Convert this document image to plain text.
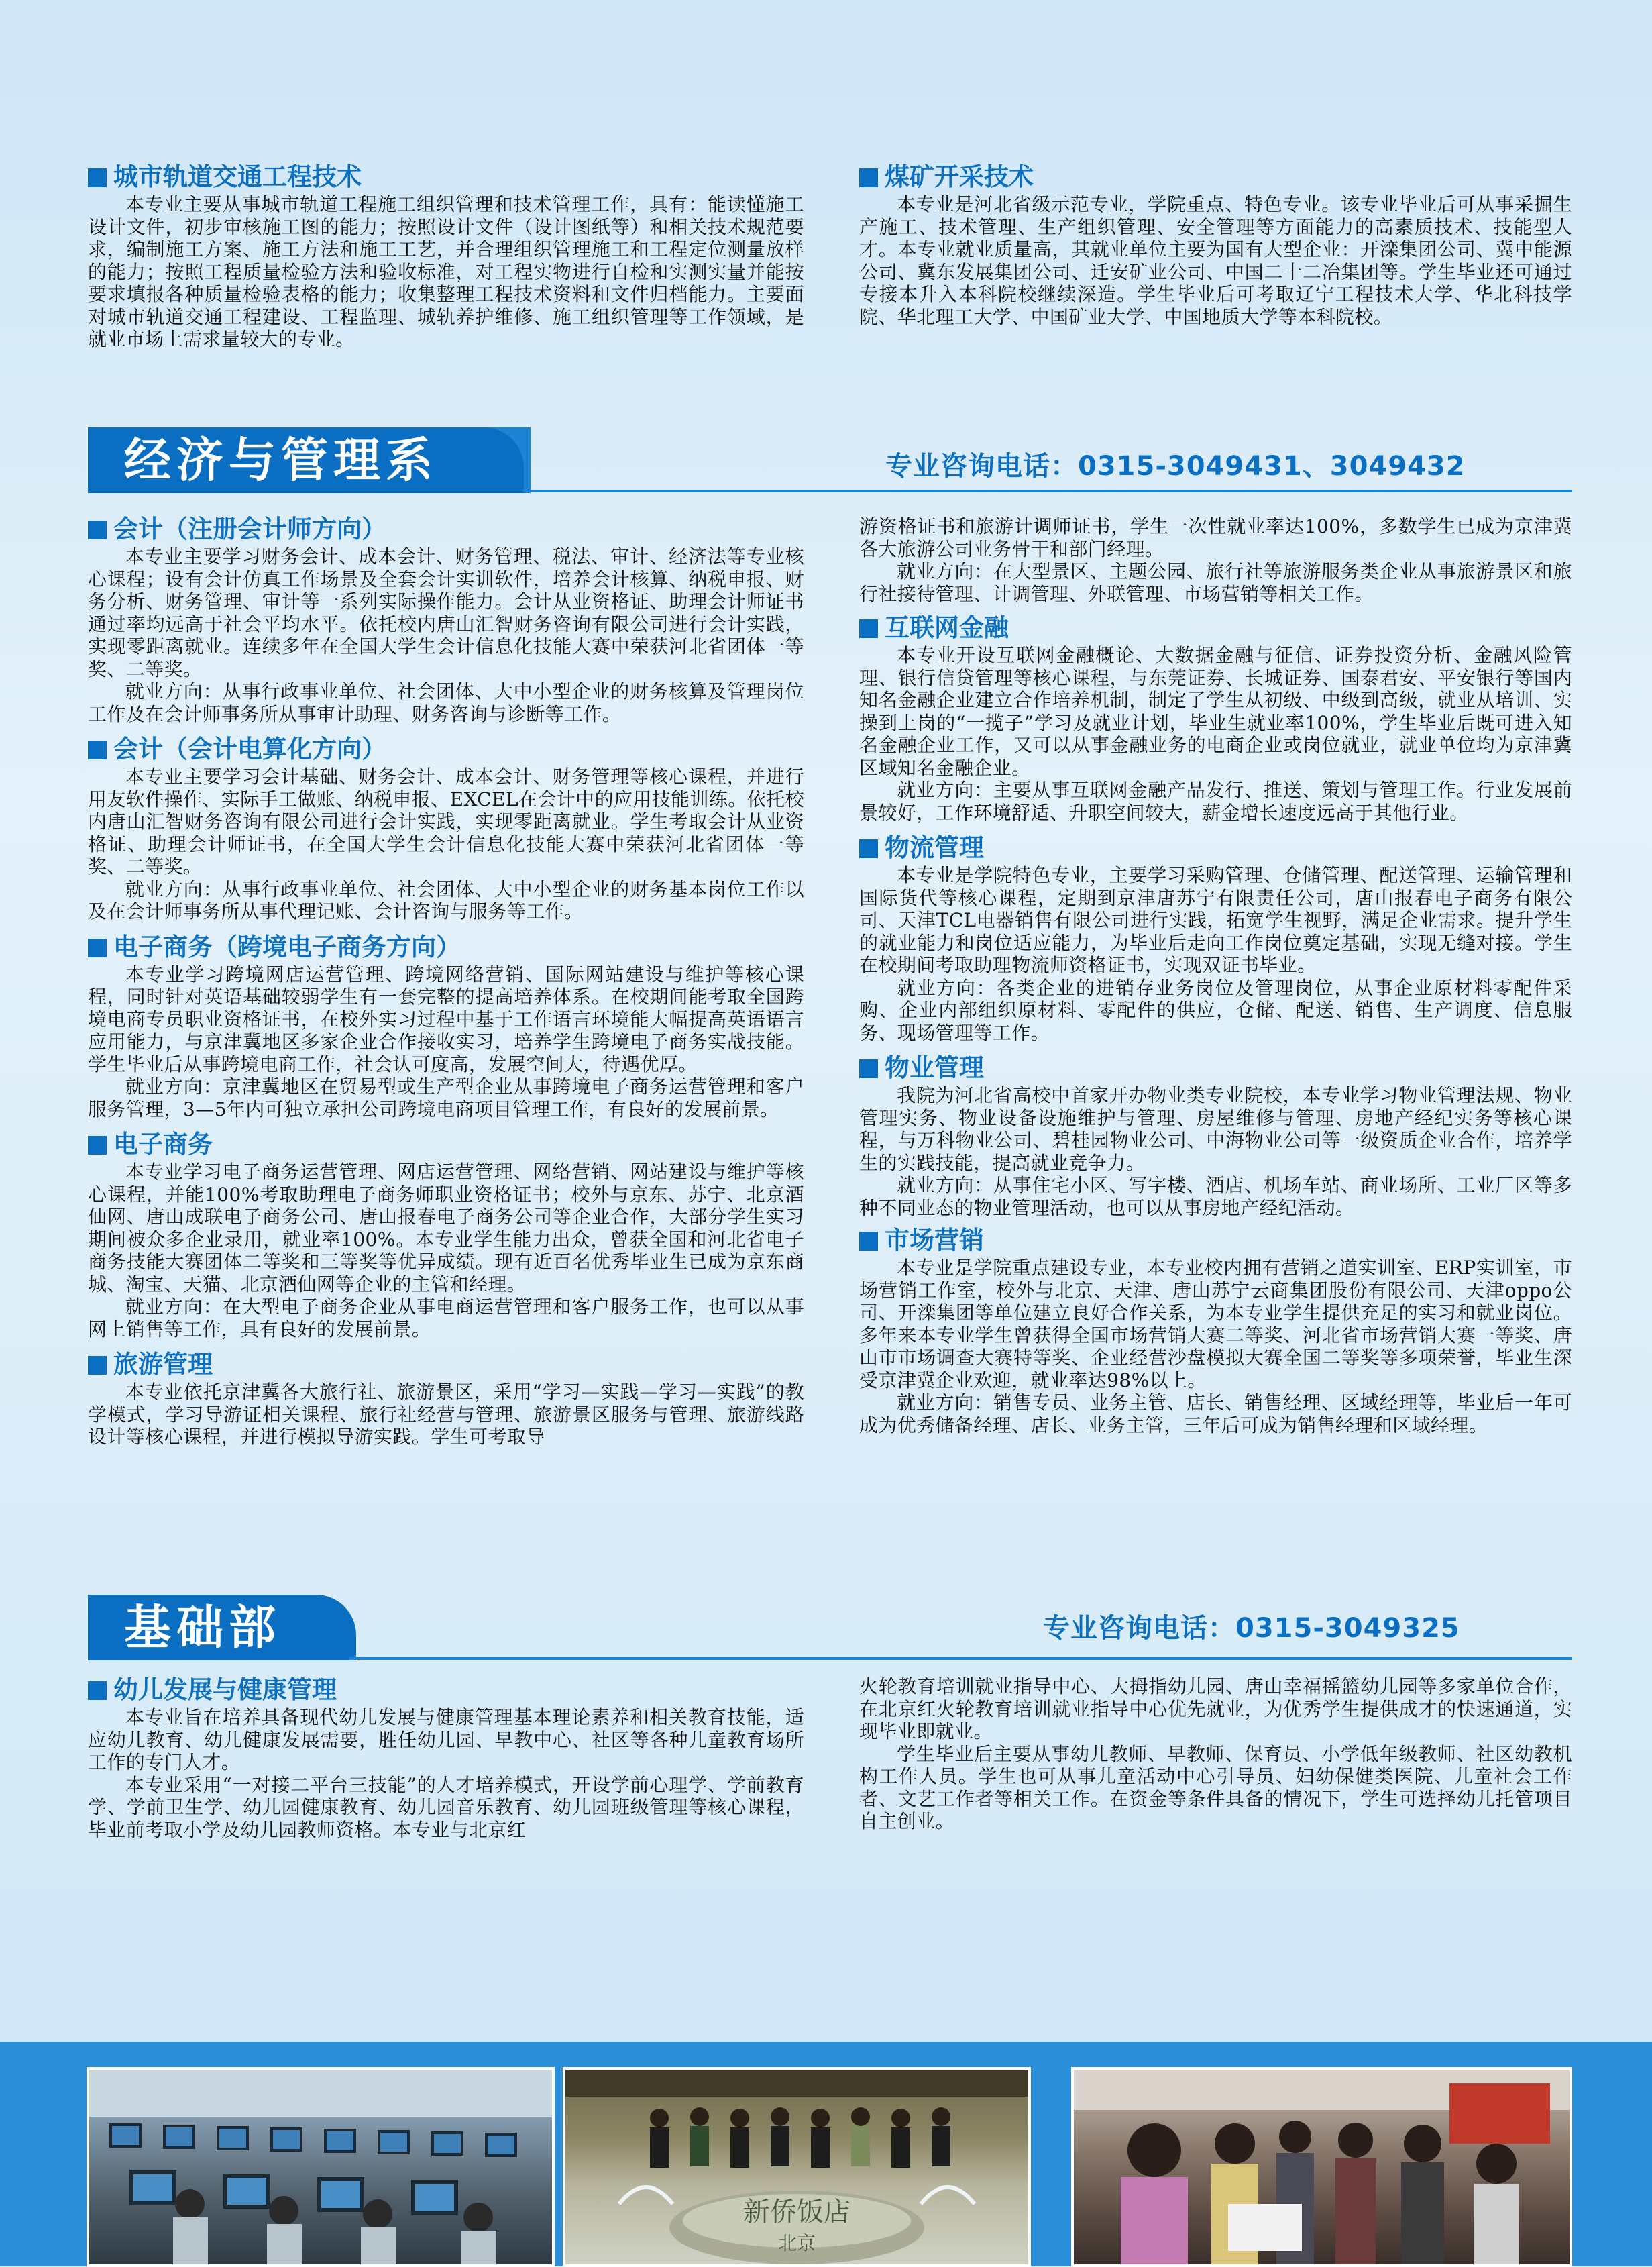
城市轨道交通工程技术

本专业主要从事城市轨道工程施工组织管理和技术管理工作，具有：能读懂施工设计文件，初步审核施工图的能力；按照设计文件（设计图纸等）和相关技术规范要求，编制施工方案、施工方法和施工工艺，并合理组织管理施工和工程定位测量放样的能力；按照工程质量检验方法和验收标准，对工程实物进行自检和实测实量并能按要求填报各种质量检验表格的能力；收集整理工程技术资料和文件归档能力。主要面对城市轨道交通工程建设、工程监理、城轨养护维修、施工组织管理等工作领域，是就业市场上需求量较大的专业。

煤矿开采技术

本专业是河北省级示范专业，学院重点、特色专业。该专业毕业后可从事采掘生产施工、技术管理、生产组织管理、安全管理等方面能力的高素质技术、技能型人才。本专业就业质量高，其就业单位主要为国有大型企业：开滦集团公司、冀中能源公司、冀东发展集团公司、迁安矿业公司、中国二十二冶集团等。学生毕业还可通过专接本升入本科院校继续深造。学生毕业后可考取辽宁工程技术大学、华北科技学院、华北理工大学、中国矿业大学、中国地质大学等本科院校。

经济与管理系	专业咨询电话：0315-3049431、3049432
会计（注册会计师方向）

本专业主要学习财务会计、成本会计、财务管理、税法、审计、经济法等专业核心课程；设有会计仿真工作场景及全套会计实训软件，培养会计核算、纳税申报、财务分析、财务管理、审计等一系列实际操作能力。会计从业资格证、助理会计师证书通过率均远高于社会平均水平。依托校内唐山汇智财务咨询有限公司进行会计实践，实现零距离就业。连续多年在全国大学生会计信息化技能大赛中荣获河北省团体一等奖、二等奖。

就业方向：从事行政事业单位、社会团体、大中小型企业的财务核算及管理岗位工作及在会计师事务所从事审计助理、财务咨询与诊断等工作。

会计（会计电算化方向）

本专业主要学习会计基础、财务会计、成本会计、财务管理等核心课程，并进行用友软件操作、实际手工做账、纳税申报、EXCEL在会计中的应用技能训练。依托校内唐山汇智财务咨询有限公司进行会计实践，实现零距离就业。学生考取会计从业资格证、助理会计师证书，在全国大学生会计信息化技能大赛中荣获河北省团体一等奖、二等奖。

就业方向：从事行政事业单位、社会团体、大中小型企业的财务基本岗位工作以及在会计师事务所从事代理记账、会计咨询与服务等工作。

电子商务（跨境电子商务方向）

本专业学习跨境网店运营管理、跨境网络营销、国际网站建设与维护等核心课程，同时针对英语基础较弱学生有一套完整的提高培养体系。在校期间能考取全国跨境电商专员职业资格证书，在校外实习过程中基于工作语言环境能大幅提高英语语言应用能力，与京津冀地区多家企业合作接收实习，培养学生跨境电子商务实战技能。学生毕业后从事跨境电商工作，社会认可度高，发展空间大，待遇优厚。

就业方向：京津冀地区在贸易型或生产型企业从事跨境电子商务运营管理和客户服务管理，3—5年内可独立承担公司跨境电商项目管理工作，有良好的发展前景。

电子商务

本专业学习电子商务运营管理、网店运营管理、网络营销、网站建设与维护等核心课程，并能100%考取助理电子商务师职业资格证书；校外与京东、苏宁、北京酒仙网、唐山成联电子商务公司、唐山报春电子商务公司等企业合作，大部分学生实习期间被众多企业录用，就业率100%。本专业学生能力出众，曾获全国和河北省电子商务技能大赛团体二等奖和三等奖等优异成绩。现有近百名优秀毕业生已成为京东商城、淘宝、天猫、北京酒仙网等企业的主管和经理。

就业方向：在大型电子商务企业从事电商运营管理和客户服务工作，也可以从事网上销售等工作，具有良好的发展前景。

旅游管理

本专业依托京津冀各大旅行社、旅游景区，采用“学习—实践—学习—实践”的教学模式，学习导游证相关课程、旅行社经营与管理、旅游景区服务与管理、旅游线路设计等核心课程，并进行模拟导游实践。学生可考取导

游资格证书和旅游计调师证书，学生一次性就业率达100%，多数学生已成为京津冀各大旅游公司业务骨干和部门经理。

就业方向：在大型景区、主题公园、旅行社等旅游服务类企业从事旅游景区和旅行社接待管理、计调管理、外联管理、市场营销等相关工作。

互联网金融

本专业开设互联网金融概论、大数据金融与征信、证券投资分析、金融风险管理、银行信贷管理等核心课程，与东莞证券、长城证券、国泰君安、平安银行等国内知名金融企业建立合作培养机制，制定了学生从初级、中级到高级，就业从培训、实操到上岗的“一揽子”学习及就业计划，毕业生就业率100%，学生毕业后既可进入知名金融企业工作，又可以从事金融业务的电商企业或岗位就业，就业单位均为京津冀区域知名金融企业。

就业方向：主要从事互联网金融产品发行、推送、策划与管理工作。行业发展前景较好，工作环境舒适、升职空间较大，薪金增长速度远高于其他行业。

物流管理

本专业是学院特色专业，主要学习采购管理、仓储管理、配送管理、运输管理和国际货代等核心课程，定期到京津唐苏宁有限责任公司，唐山报春电子商务有限公司、天津TCL电器销售有限公司进行实践，拓宽学生视野，满足企业需求。提升学生的就业能力和岗位适应能力，为毕业后走向工作岗位奠定基础，实现无缝对接。学生在校期间考取助理物流师资格证书，实现双证书毕业。

就业方向：各类企业的进销存业务岗位及管理岗位，从事企业原材料零配件采购、企业内部组织原材料、零配件的供应，仓储、配送、销售、生产调度、信息服务、现场管理等工作。

物业管理

我院为河北省高校中首家开办物业类专业院校，本专业学习物业管理法规、物业管理实务、物业设备设施维护与管理、房屋维修与管理、房地产经纪实务等核心课程，与万科物业公司、碧桂园物业公司、中海物业公司等一级资质企业合作，培养学生的实践技能，提高就业竞争力。

就业方向：从事住宅小区、写字楼、酒店、机场车站、商业场所、工业厂区等多种不同业态的物业管理活动，也可以从事房地产经纪活动。

市场营销

本专业是学院重点建设专业，本专业校内拥有营销之道实训室、ERP实训室，市场营销工作室，校外与北京、天津、唐山苏宁云商集团股份有限公司、天津oppo公司、开滦集团等单位建立良好合作关系，为本专业学生提供充足的实习和就业岗位。多年来本专业学生曾获得全国市场营销大赛二等奖、河北省市场营销大赛一等奖、唐山市市场调查大赛特等奖、企业经营沙盘模拟大赛全国二等奖等多项荣誉，毕业生深受京津冀企业欢迎，就业率达98%以上。

就业方向：销售专员、业务主管、店长、销售经理、区域经理等，毕业后一年可成为优秀储备经理、店长、业务主管，三年后可成为销售经理和区域经理。

基础部	专业咨询电话：0315-3049325
幼儿发展与健康管理

本专业旨在培养具备现代幼儿发展与健康管理基本理论素养和相关教育技能，适应幼儿教育、幼儿健康发展需要，胜任幼儿园、早教中心、社区等各种儿童教育场所工作的专门人才。

本专业采用“一对接二平台三技能”的人才培养模式，开设学前心理学、学前教育学、学前卫生学、幼儿园健康教育、幼儿园音乐教育、幼儿园班级管理等核心课程，毕业前考取小学及幼儿园教师资格。本专业与北京红

火轮教育培训就业指导中心、大拇指幼儿园、唐山幸福摇篮幼儿园等多家单位合作，在北京红火轮教育培训就业指导中心优先就业，为优秀学生提供成才的快速通道，实现毕业即就业。

学生毕业后主要从事幼儿教师、早教师、保育员、小学低年级教师、社区幼教机构工作人员。学生也可从事儿童活动中心引导员、妇幼保健类医院、儿童社会工作者、文艺工作者等相关工作。在资金等条件具备的情况下，学生可选择幼儿托管项目自主创业。

新侨饭店
北京
